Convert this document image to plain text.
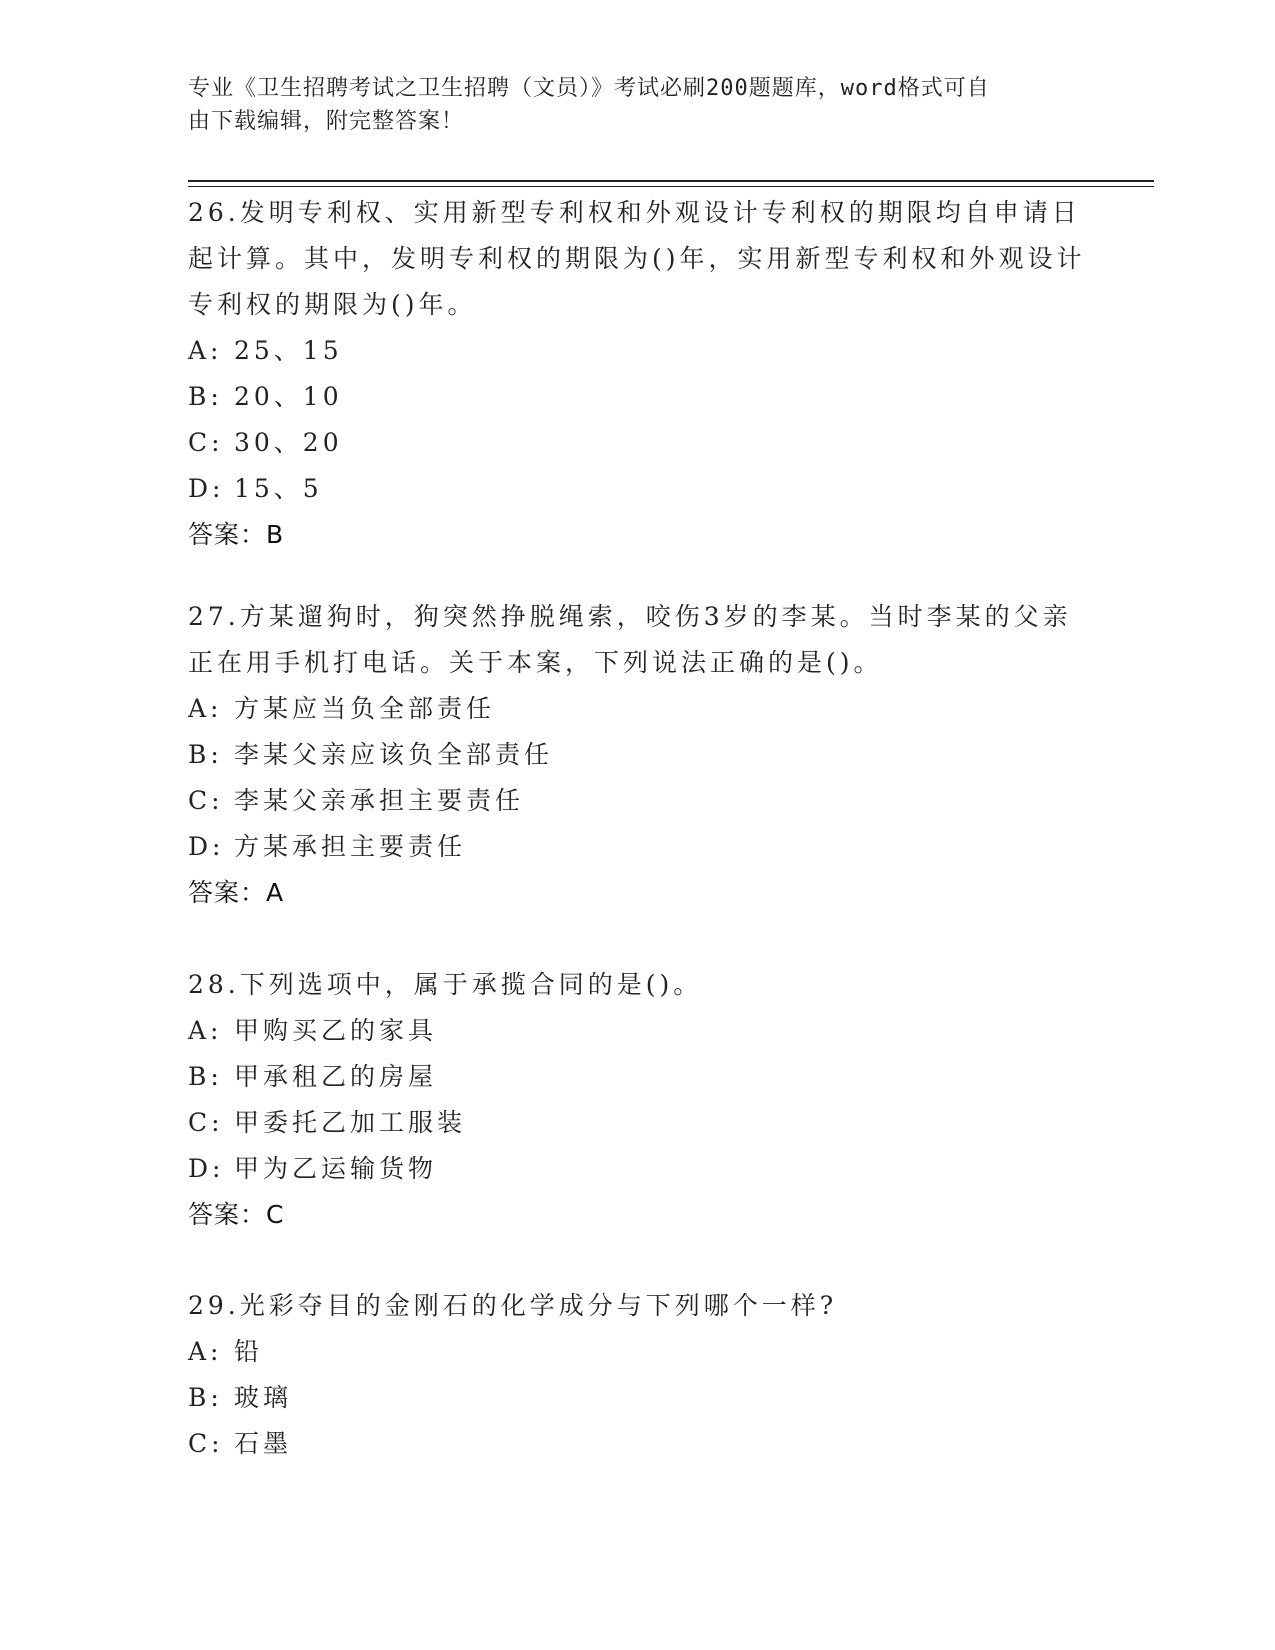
专业《卫生招聘考试之卫生招聘（文员）》考试必刷200题题库，word格式可自
由下载编辑，附完整答案！

26.发明专利权、实用新型专利权和外观设计专利权的期限均自申请日起计算。其中，发明专利权的期限为()年，实用新型专利权和外观设计专利权的期限为()年。

A: 25、15
B: 20、10
C: 30、20
D: 15、5
答案：B

27.方某遛狗时，狗突然挣脱绳索，咬伤3岁的李某。当时李某的父亲正在用手机打电话。关于本案，下列说法正确的是()。

A: 方某应当负全部责任
B: 李某父亲应该负全部责任
C: 李某父亲承担主要责任
D: 方某承担主要责任
答案：A

28.下列选项中，属于承揽合同的是()。

A: 甲购买乙的家具
B: 甲承租乙的房屋
C: 甲委托乙加工服装
D: 甲为乙运输货物
答案：C

29.光彩夺目的金刚石的化学成分与下列哪个一样?

A: 铅
B: 玻璃
C: 石墨
